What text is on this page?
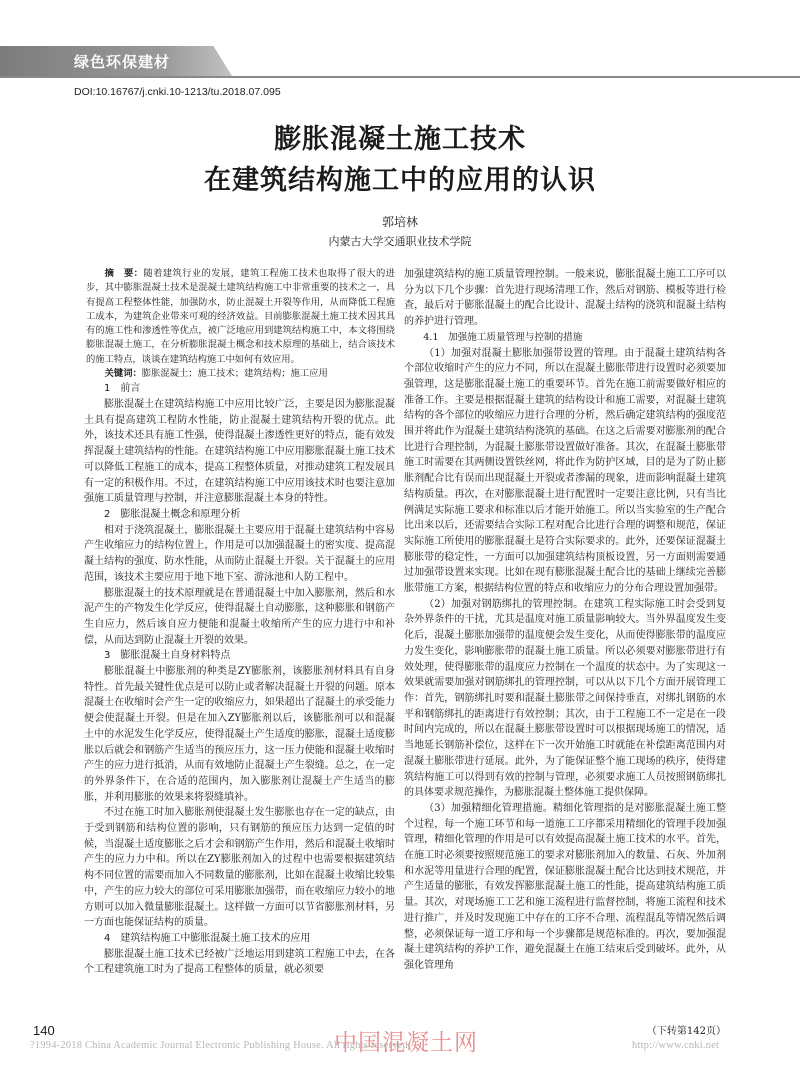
绿色环保建材
DOI:10.16767/j.cnki.10-1213/tu.2018.07.095
膨胀混凝土施工技术
在建筑结构施工中的应用的认识
郭培林
内蒙古大学交通职业技术学院

摘　要：随着建筑行业的发展，建筑工程施工技术也取得了很大的进步，其中膨胀混凝土技术是混凝土建筑结构施工中非常重要的技术之一，具有提高工程整体性能，加强防水，防止混凝土开裂等作用，从而降低工程施工成本，为建筑企业带来可观的经济效益。目前膨胀混凝土施工技术因其具有的施工性和渗透性等优点，被广泛地应用到建筑结构施工中，本文将围绕膨胀混凝土施工，在分析膨胀混凝土概念和技术原理的基础上，结合该技术的施工特点，谈谈在建筑结构施工中如何有效应用。

关键词：膨胀混凝土；施工技术；建筑结构；施工应用

1　前言

膨胀混凝土在建筑结构施工中应用比较广泛，主要是因为膨胀混凝土具有提高建筑工程防水性能，防止混凝土建筑结构开裂的优点。此外，该技术还具有施工性强，使得混凝土渗透性更好的特点，能有效发挥混凝土建筑结构的性能。在建筑结构施工中应用膨胀混凝土施工技术可以降低工程施工的成本，提高工程整体质量，对推动建筑工程发展具有一定的积极作用。不过，在建筑结构施工中应用该技术时也要注意加强施工质量管理与控制，并注意膨胀混凝土本身的特性。

2　膨胀混凝土概念和原理分析

相对于浇筑混凝土，膨胀混凝土主要应用于混凝土建筑结构中容易产生收缩应力的结构位置上，作用是可以加强混凝土的密实度、提高混凝土结构的强度、防水性能，从而防止混凝土开裂。关于混凝土的应用范围，该技术主要应用于地下地下室、游泳池和人防工程中。

膨胀混凝土的技术原理就是在普通混凝土中加入膨胀剂，然后和水泥产生的产物发生化学反应，使得混凝土自动膨胀，这种膨胀和钢筋产生自应力，然后该自应力便能和混凝土收缩所产生的应力进行中和补偿，从而达到防止混凝土开裂的效果。

3　膨胀混凝土自身材料特点

膨胀混凝土中膨胀剂的种类是ZY膨胀剂，该膨胀剂材料具有自身特性。首先最关键性优点是可以防止或者解决混凝土开裂的问题。原本混凝土在收缩时会产生一定的收缩应力，如果超出了混凝土的承受能力便会使混凝土开裂。但是在加入ZY膨胀剂以后，该膨胀剂可以和混凝土中的水泥发生化学反应，使得混凝土产生适度的膨胀，混凝土适度膨胀以后就会和钢筋产生适当的预应压力，这一压力使能和混凝土收缩时产生的应力进行抵消，从而有效地防止混凝土产生裂缝。总之，在一定的外界条件下，在合适的范围内，加入膨胀剂让混凝土产生适当的膨胀，并利用膨胀的效果来将裂缝填补。

不过在施工时加入膨胀剂使混凝土发生膨胀也存在一定的缺点，由于受到钢筋和结构位置的影响，只有钢筋的预应压力达到一定值的时候，当混凝土适度膨胀之后才会和钢筋产生作用，然后和混凝土收缩时产生的应力力中和。所以在ZY膨胀剂加入的过程中也需要根据建筑结构不同位置的需要而加入不同数量的膨胀剂，比如在混凝土收缩比较集中，产生的应力较大的部位可采用膨胀加强带，而在收缩应力较小的地方则可以加入微量膨胀混凝土。这样做一方面可以节省膨胀剂材料，另一方面也能保证结构的质量。

4　建筑结构施工中膨胀混凝土施工技术的应用

膨胀混凝土施工技术已经被广泛地运用到建筑工程施工中去，在各个工程建筑施工时为了提高工程整体的质量，就必须要

加强建筑结构的施工质量管理控制。一般来说，膨胀混凝土施工工序可以分为以下几个步骤：首先进行现场清理工作，然后对钢筋、模板等进行检查，最后对于膨胀混凝土的配合比设计、混凝土结构的浇筑和混凝土结构的养护进行管理。

4.1　加强施工质量管理与控制的措施

（1）加强对混凝土膨胀加强带设置的管理。由于混凝土建筑结构各个部位收缩时产生的应力不同，所以在混凝土膨胀带进行设置时必须要加强管理，这是膨胀混凝土施工的重要环节。首先在施工前需要做好相应的准备工作。主要是根据混凝土建筑的结构设计和施工需要，对混凝土建筑结构的各个部位的收缩应力进行合理的分析，然后确定建筑结构的强度范围并将此作为混凝土建筑结构浇筑的基础。在这之后需要对膨胀剂的配合比进行合理控制，为混凝土膨胀带设置做好准备。其次，在混凝土膨胀带施工时需要在其两侧设置铁丝网，将此作为防护区域，目的是为了防止膨胀剂配合比有误而出现混凝土开裂或者渗漏的现象，进而影响混凝土建筑结构质量。再次，在对膨胀混凝土进行配置时一定要注意比例，只有当比例满足实际施工要求和标准以后才能开始施工。所以当实验室的生产配合比出来以后，还需要结合实际工程对配合比进行合理的调整和规范，保证实际施工所使用的膨胀混凝土是符合实际要求的。此外，还要保证混凝土膨胀带的稳定性，一方面可以加强建筑结构顶板设置，另一方面则需要通过加强带设置来实现。比如在现有膨胀混凝土配合比的基础上继续完善膨胀带施工方案，根据结构位置的特点和收缩应力的分布合理设置加强带。

（2）加强对钢筋绑扎的管理控制。在建筑工程实际施工时会受到复杂外界条件的干扰，尤其是温度对施工质量影响较大。当外界温度发生变化后，混凝土膨胀加强带的温度便会发生变化，从而使得膨胀带的温度应力发生变化，影响膨胀带的混凝土施工质量。所以必须要对膨胀带进行有效处理，使得膨胀带的温度应力控制在一个温度的状态中。为了实现这一效果就需要加强对钢筋绑扎的管理控制，可以从以下几个方面开展管理工作：首先，钢筋绑扎时要和混凝土膨胀带之间保持垂直，对绑扎钢筋的水平和钢筋绑扎的距离进行有效控制；其次，由于工程施工不一定是在一段时间内完成的，所以在混凝土膨胀带设置时可以根据现场施工的情况，适当地延长钢筋补偿位，这样在下一次开始施工时就能在补偿距离范围内对混凝土膨胀带进行延展。此外，为了能保证整个施工现场的秩序，使得建筑结构施工可以得到有效的控制与管理，必须要求施工人员按照钢筋绑扎的具体要求规范操作，为膨胀混凝土整体施工提供保障。

（3）加强精细化管理措施。精细化管理指的是对膨胀混凝土施工整个过程，每一个施工环节和每一道施工工序都采用精细化的管理手段加强管理，精细化管理的作用是可以有效提高混凝土施工技术的水平。首先，在施工时必须要按照规范施工的要求对膨胀剂加入的数量、石灰、外加剂和水泥等用量进行合理的配置，保证膨胀混凝土配合比达到技术规范，并产生适量的膨胀，有效发挥膨胀混凝土施工的性能，提高建筑结构施工质量。其次，对现场施工工艺和施工流程进行监督控制，将施工流程和技术进行推广，并及时发现施工中存在的工序不合理、流程混乱等情况然后调整，必须保证每一道工序和每一个步骤都是规范标准的。再次，要加强混凝土建筑结构的养护工作，避免混凝土在施工结束后受到破坏。此外，从强化管理角

（下转第142页）
140	中国混凝土网
?1994-2018 China Academic Journal Electronic Publishing House. All rights reserved.	http://www.cnki.net
